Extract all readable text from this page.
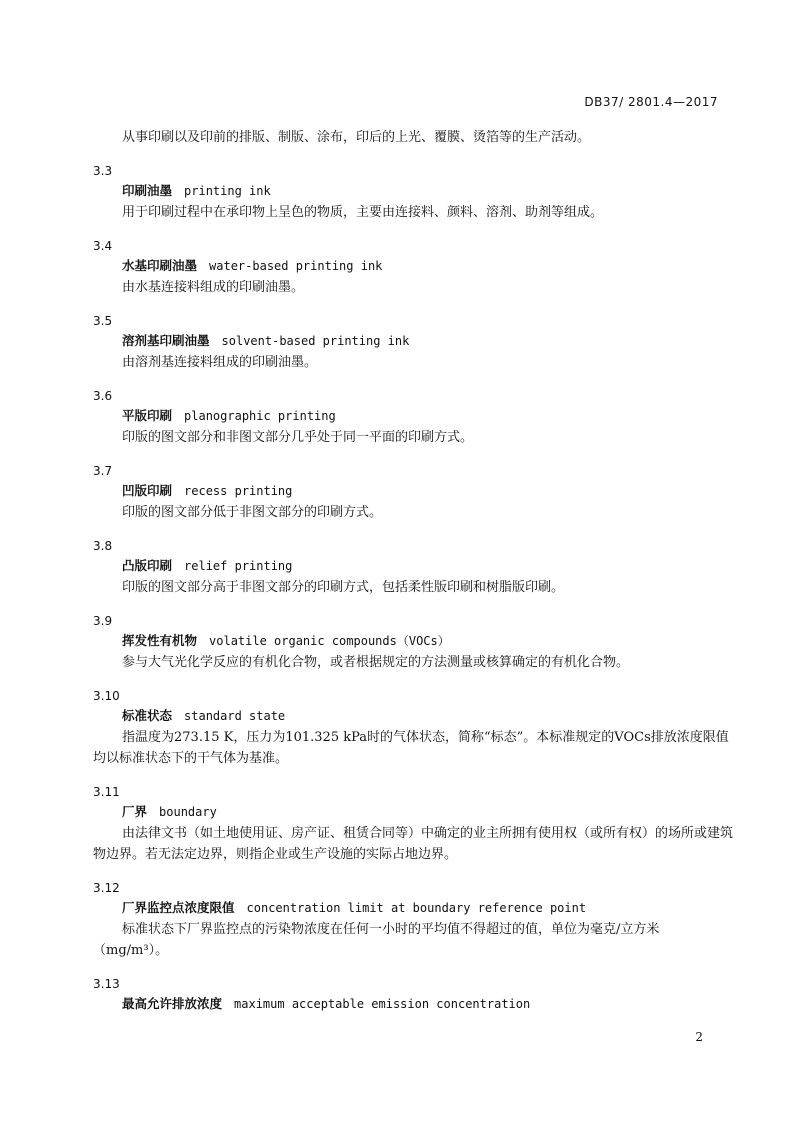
DB37/ 2801.4—2017

从事印刷以及印前的排版、制版、涂布，印后的上光、覆膜、烫箔等的生产活动。

3.3
印刷油墨 printing ink
用于印刷过程中在承印物上呈色的物质，主要由连接料、颜料、溶剂、助剂等组成。
3.4
水基印刷油墨 water-based printing ink
由水基连接料组成的印刷油墨。
3.5
溶剂基印刷油墨 solvent-based printing ink
由溶剂基连接料组成的印刷油墨。
3.6
平版印刷 planographic printing
印版的图文部分和非图文部分几乎处于同一平面的印刷方式。
3.7
凹版印刷 recess printing
印版的图文部分低于非图文部分的印刷方式。
3.8
凸版印刷 relief printing
印版的图文部分高于非图文部分的印刷方式，包括柔性版印刷和树脂版印刷。
3.9
挥发性有机物 volatile organic compounds（VOCs）
参与大气光化学反应的有机化合物，或者根据规定的方法测量或核算确定的有机化合物。
3.10
标准状态 standard state
指温度为273.15 K，压力为101.325 kPa时的气体状态，简称“标态”。本标准规定的VOCs排放浓度限值均以标准状态下的干气体为基准。
3.11
厂界 boundary
由法律文书（如土地使用证、房产证、租赁合同等）中确定的业主所拥有使用权（或所有权）的场所或建筑物边界。若无法定边界，则指企业或生产设施的实际占地边界。
3.12
厂界监控点浓度限值 concentration limit at boundary reference point
标准状态下厂界监控点的污染物浓度在任何一小时的平均值不得超过的值，单位为毫克/立方米（mg/m³）。
3.13
最高允许排放浓度 maximum acceptable emission concentration
2
